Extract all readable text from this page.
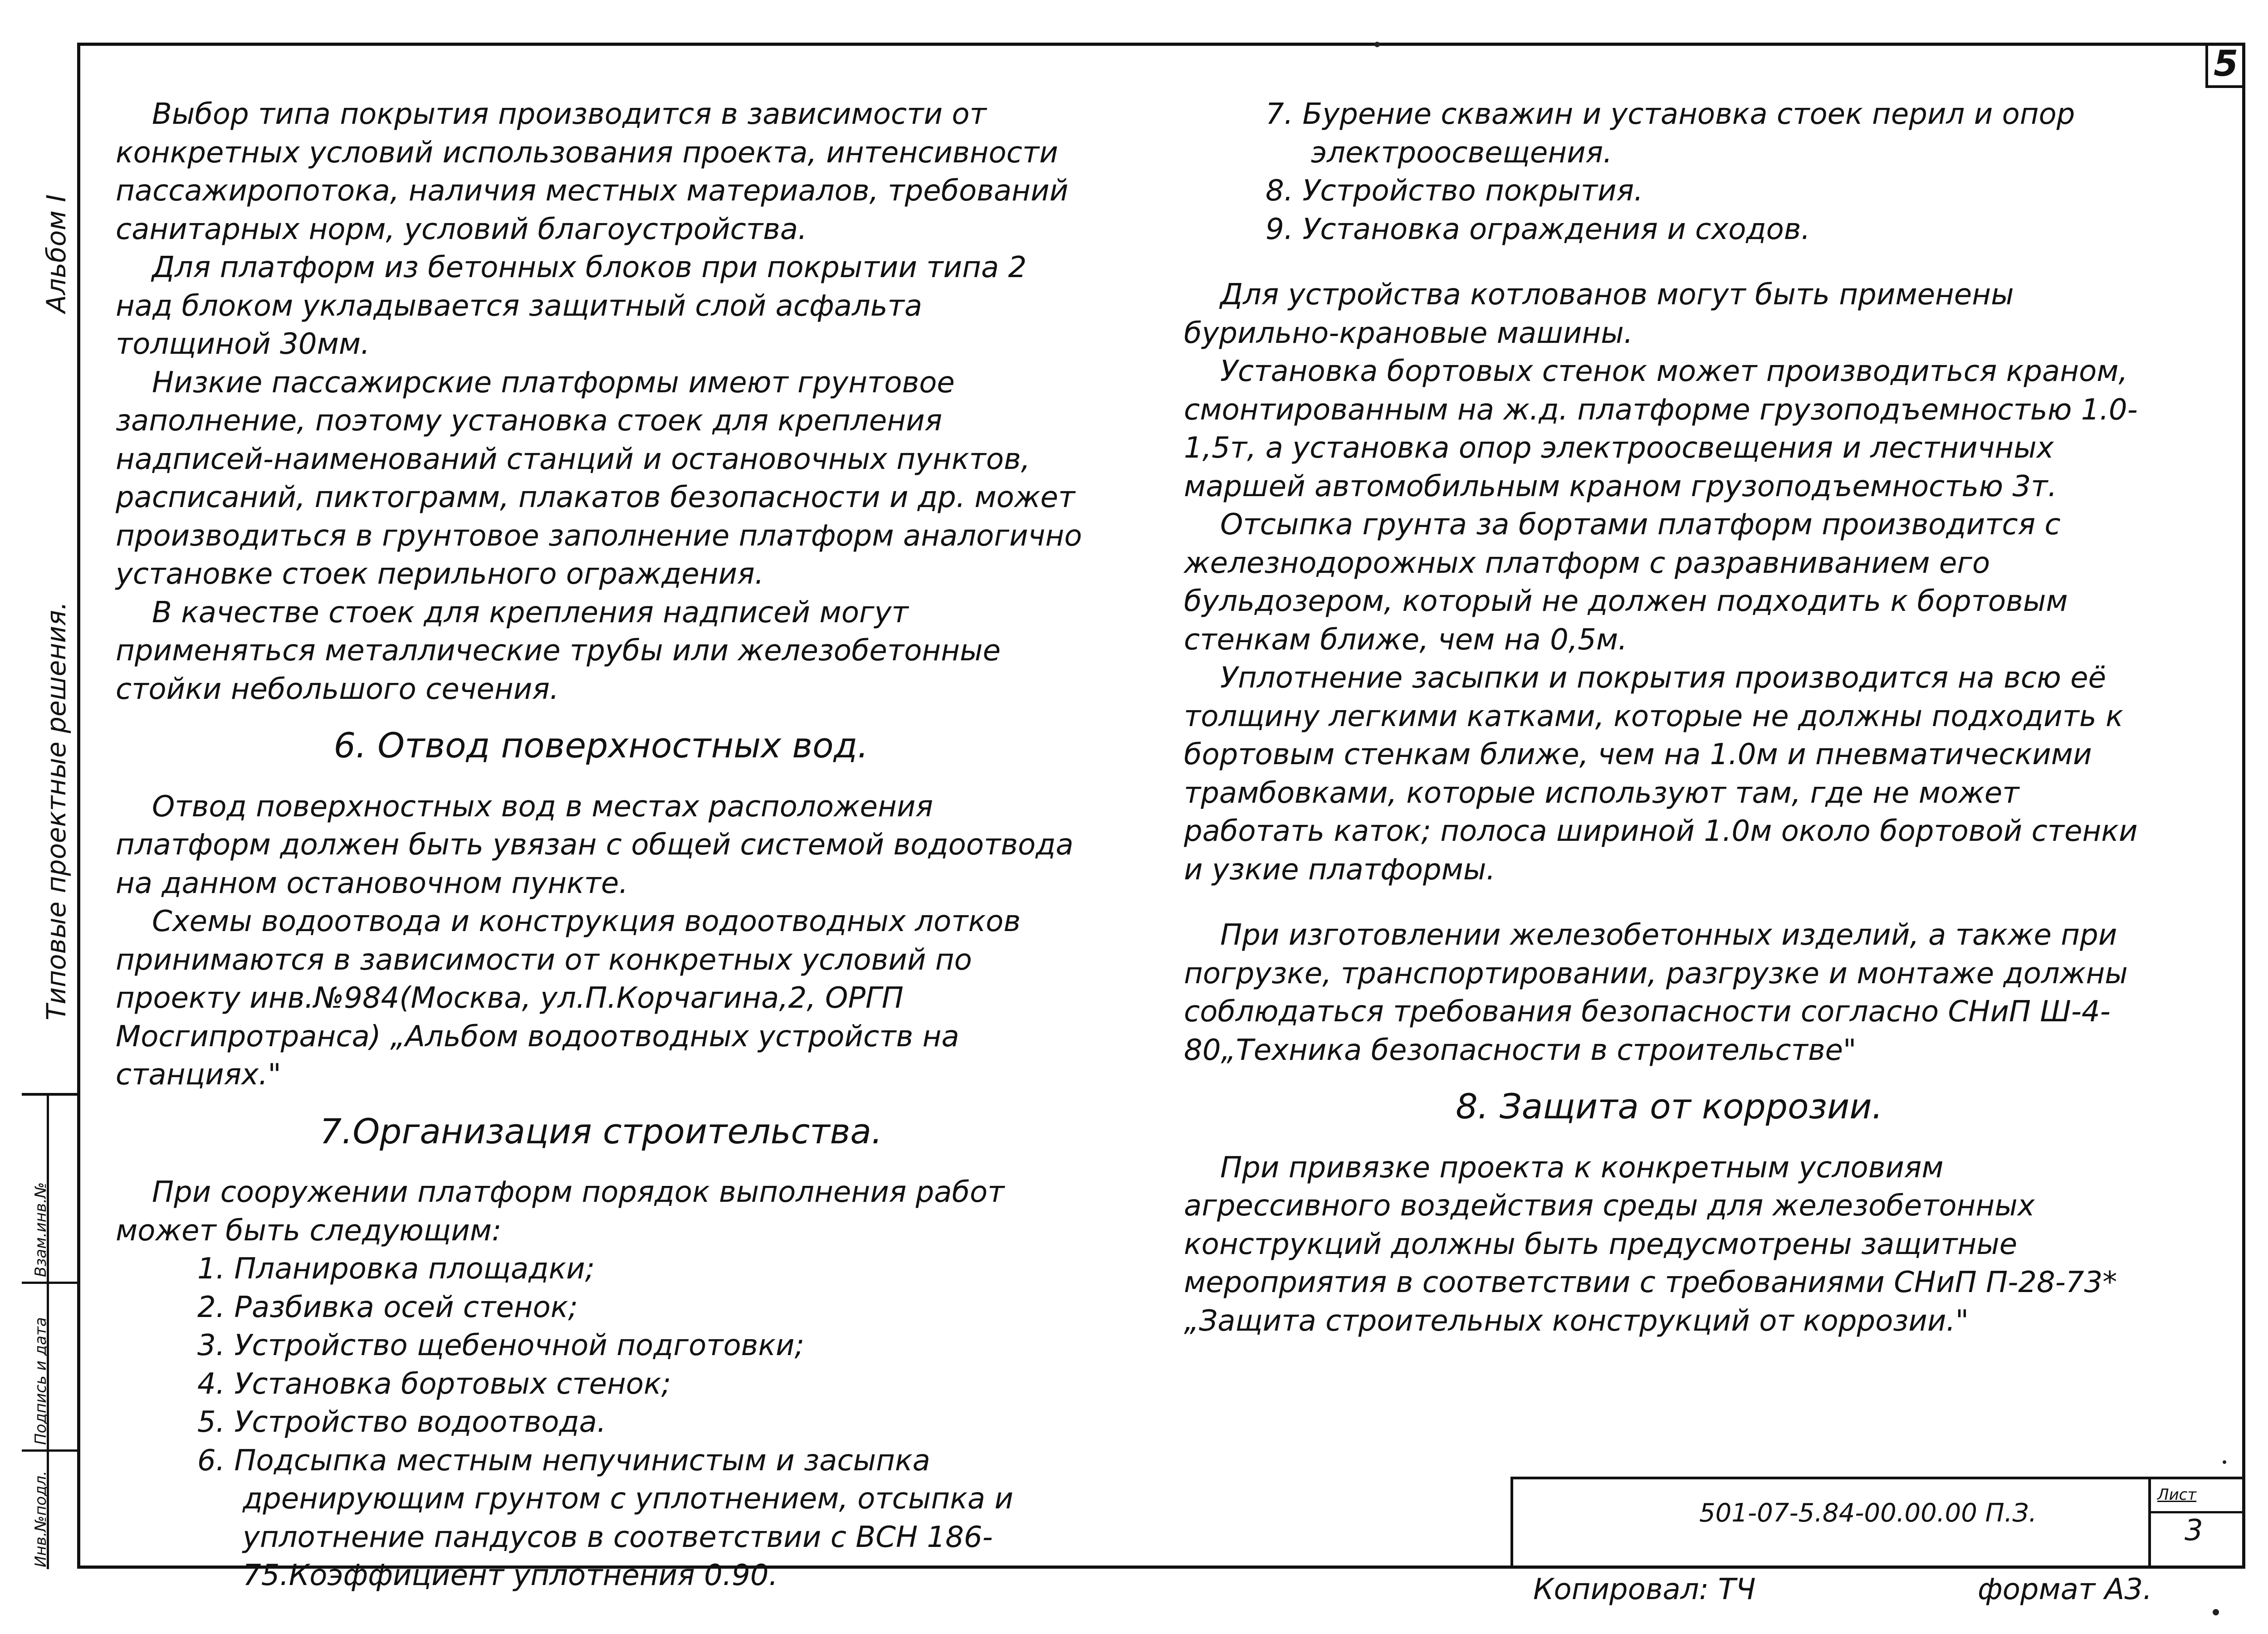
5
Альбом I
Типовые проектные решения.
Инв.№подл.
Подпись и дата
Взам.инв.№

Выбор типа покрытия производится в зависимости от конкретных условий использования проекта, интенсивности пассажиропотока, наличия местных материалов, требований санитарных норм, условий благоустройства.

Для платформ из бетонных блоков при покрытии типа 2 над блоком укладывается защитный слой асфальта толщиной 30мм.

Низкие пассажирские платформы имеют грунтовое заполнение, поэтому установка стоек для крепления надписей-наименований станций и остановочных пунктов, расписаний, пиктограмм, плакатов безопасности и др. может производиться в грунтовое заполнение платформ аналогично установке стоек перильного ограждения.

В качестве стоек для крепления надписей могут применяться металлические трубы или железобетонные стойки небольшого сечения.

6. Отвод поверхностных вод.

Отвод поверхностных вод в местах расположения платформ должен быть увязан с общей системой водоотвода на данном остановочном пункте.

Схемы водоотвода и конструкция водоотводных лотков принимаются в зависимости от конкретных условий по проекту инв.№984(Москва, ул.П.Корчагина,2, ОРГП Мосгипротранса) „Альбом водоотводных устройств на станциях."

7.Организация строительства.

При сооружении платформ порядок выполнения работ может быть следующим:

1. Планировка площадки;
2. Разбивка осей стенок;
3. Устройство щебеночной подготовки;
4. Установка бортовых стенок;
5. Устройство водоотвода.
6. Подсыпка местным непучинистым и засыпка дренирующим грунтом с уплотнением, отсыпка и уплотнение пандусов в соответствии с ВСН 186-75.Коэффициент уплотнения 0.90.
7. Бурение скважин и установка стоек перил и опор электроосвещения.
8. Устройство покрытия.
9. Установка ограждения и сходов.

Для устройства котлованов могут быть применены бурильно-крановые машины.

Установка бортовых стенок может производиться краном, смонтированным на ж.д. платформе грузоподъемностью 1.0-1,5т, а установка опор электроосвещения и лестничных маршей автомобильным краном грузоподъемностью 3т.

Отсыпка грунта за бортами платформ производится с железнодорожных платформ с разравниванием его бульдозером, который не должен подходить к бортовым стенкам ближе, чем на 0,5м.

Уплотнение засыпки и покрытия производится на всю её толщину легкими катками, которые не должны подходить к бортовым стенкам ближе, чем на 1.0м и пневматическими трамбовками, которые используют там, где не может работать каток; полоса шириной 1.0м около бортовой стенки и узкие платформы.

При изготовлении железобетонных изделий, а также при погрузке, транспортировании, разгрузке и монтаже должны соблюдаться требования безопасности согласно СНиП Ш-4-80„Техника безопасности в строительстве"

8. Защита от коррозии.

При привязке проекта к конкретным условиям агрессивного воздействия среды для железобетонных конструкций должны быть предусмотрены защитные мероприятия в соответствии с требованиями СНиП П-28-73* „Защита строительных конструкций от коррозии."

501-07-5.84-00.00.00 П.З.
Лист
3
Копировал: ТЧ	формат А3.
